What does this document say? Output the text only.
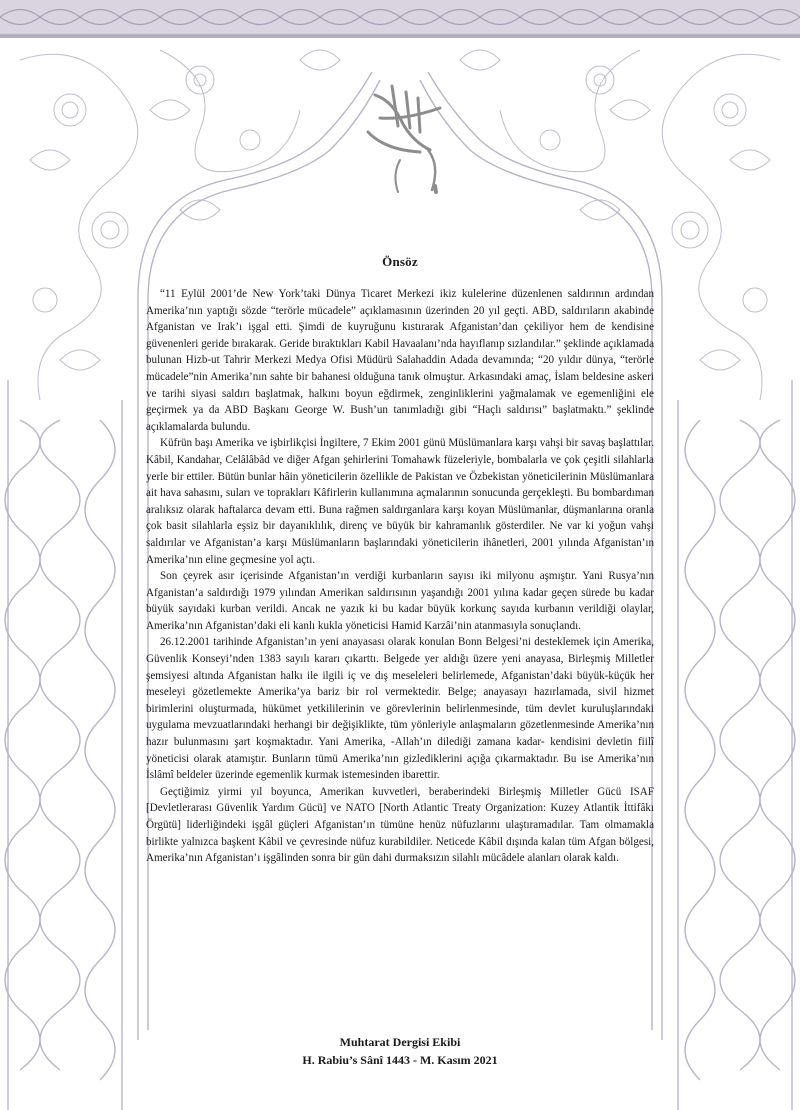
Önsöz

“11 Eylül 2001’de New York’taki Dünya Ticaret Merkezi ikiz kulelerine düzenlenen saldırının ardından Amerika’nın yaptığı sözde “terörle mücadele” açıklamasının üzerinden 20 yıl geçti. ABD, saldırıların akabinde Afganistan ve Irak’ı işgal etti. Şimdi de kuyruğunu kıstırarak Afganistan’dan çekiliyor hem de kendisine güvenenleri geride bırakarak. Geride bıraktıkları Kabil Havaalanı’nda hayıflanıp sızlandılar.” şeklinde açıklamada bulunan Hizb-ut Tahrir Merkezi Medya Ofisi Müdürü Salahaddin Adada devamında; “20 yıldır dünya, “terörle mücadele”nin Amerika’nın sahte bir bahanesi olduğuna tanık olmuştur. Arkasındaki amaç, İslam beldesine askeri ve tarihi siyasi saldırı başlatmak, halkını boyun eğdirmek, zenginliklerini yağmalamak ve egemenliğini ele geçirmek ya da ABD Başkanı George W. Bush’un tanımladığı gibi “Haçlı saldırısı” başlatmaktı.” şeklinde açıklamalarda bulundu.

Küfrün başı Amerika ve işbirlikçisi İngiltere, 7 Ekim 2001 günü Müslümanlara karşı vahşi bir savaş başlattılar. Kâbil, Kandahar, Celâlâbâd ve diğer Afgan şehirlerini Tomahawk füzeleriyle, bombalarla ve çok çeşitli silahlarla yerle bir ettiler. Bütün bunlar hâin yöneticilerin özellikle de Pakistan ve Özbekistan yöneticilerinin Müslümanlara ait hava sahasını, suları ve toprakları Kâfirlerin kullanımına açmalarının sonucunda gerçekleşti. Bu bombardıman aralıksız olarak haftalarca devam etti. Buna rağmen saldırganlara karşı koyan Müslümanlar, düşmanlarına oranla çok basit silahlarla eşsiz bir dayanıklılık, direnç ve büyük bir kahramanlık gösterdiler. Ne var ki yoğun vahşi saldırılar ve Afganistan’a karşı Müslümanların başlarındaki yöneticilerin ihânetleri, 2001 yılında Afganistan’ın Amerika’nın eline geçmesine yol açtı.

Son çeyrek asır içerisinde Afganistan’ın verdiği kurbanların sayısı iki milyonu aşmıştır. Yani Rusya’nın Afganistan’a saldırdığı 1979 yılından Amerikan saldırısının yaşandığı 2001 yılına kadar geçen sürede bu kadar büyük sayıdaki kurban verildi. Ancak ne yazık ki bu kadar büyük korkunç sayıda kurbanın verildiği olaylar, Amerika’nın Afganistan’daki eli kanlı kukla yöneticisi Hamid Karzâi’nin atanmasıyla sonuçlandı.

26.12.2001 tarihinde Afganistan’ın yeni anayasası olarak konulan Bonn Belgesi’ni desteklemek için Amerika, Güvenlik Konseyi’nden 1383 sayılı kararı çıkarttı. Belgede yer aldığı üzere yeni anayasa, Birleşmiş Milletler şemsiyesi altında Afganistan halkı ile ilgili iç ve dış meseleleri belirlemede, Afganistan’daki büyük-küçük her meseleyi gözetlemekte Amerika’ya bariz bir rol vermektedir. Belge; anayasayı hazırlamada, sivil hizmet birimlerini oluşturmada, hükümet yetkililerinin ve görevlerinin belirlenmesinde, tüm devlet kuruluşlarındaki uygulama mevzuatlarındaki herhangi bir değişiklikte, tüm yönleriyle anlaşmaların gözetlenmesinde Amerika’nın hazır bulunmasını şart koşmaktadır. Yani Amerika, -Allah’ın dilediği zamana kadar- kendisini devletin fiilî yöneticisi olarak atamıştır. Bunların tümü Amerika’nın gizlediklerini açığa çıkarmaktadır. Bu ise Amerika’nın İslâmî beldeler üzerinde egemenlik kurmak istemesinden ibarettir.

Geçtiğimiz yirmi yıl boyunca, Amerikan kuvvetleri, beraberindeki Birleşmiş Milletler Gücü ISAF [Devletlerarası Güvenlik Yardım Gücü] ve NATO [North Atlantic Treaty Organization: Kuzey Atlantik İttifâkı Örgütü] liderliğindeki işgâl güçleri Afganistan’ın tümüne henüz nüfuzlarını ulaştıramadılar. Tam olmamakla birlikte yalnızca başkent Kâbil ve çevresinde nüfuz kurabildiler. Neticede Kâbil dışında kalan tüm Afgan bölgesi, Amerika’nın Afganistan’ı işgâlinden sonra bir gün dahi durmaksızın silahlı mücâdele alanları olarak kaldı.

Muhtarat Dergisi Ekibi
H. Rabiu’s Sânî 1443 - M. Kasım 2021
